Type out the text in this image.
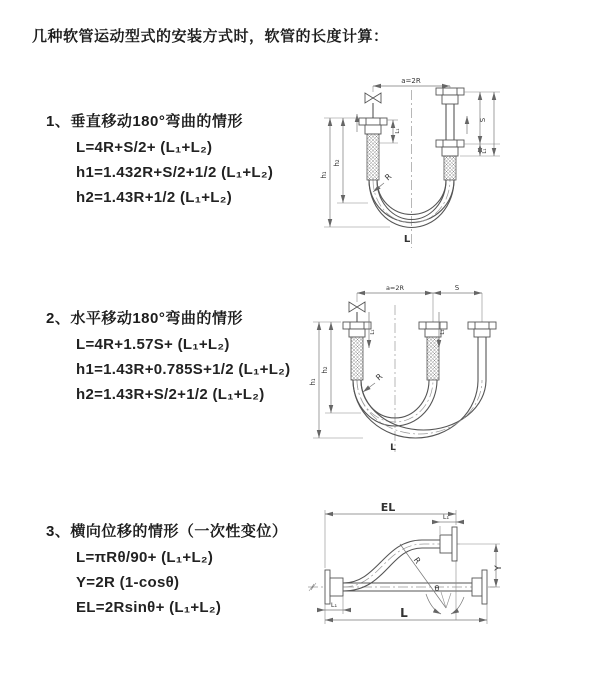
几种软管运动型式的安装方式时，软管的长度计算：
1、垂直移动180°弯曲的情形

L=4R+S/2+ (L₁+L₂)

h1=1.432R+S/2+1/2 (L₁+L₂)

h2=1.43R+1/2 (L₁+L₂)

2、水平移动180°弯曲的情形

L=4R+1.57S+ (L₁+L₂)

h1=1.43R+0.785S+1/2 (L₁+L₂)

h2=1.43R+S/2+1/2 (L₁+L₂)

3、横向位移的情形（一次性变位）

L=πRθ/90+ (L₁+L₂)

Y=2R (1-cosθ)

EL=2Rsinθ+ (L₁+L₂)

a=2R
h₁
h₂
L₁
S
L₁
R
L
a=2R	S
L₁	L₁
h₁
h₂
R
L
EL
L₁
Y
R
θ
L
L₁
